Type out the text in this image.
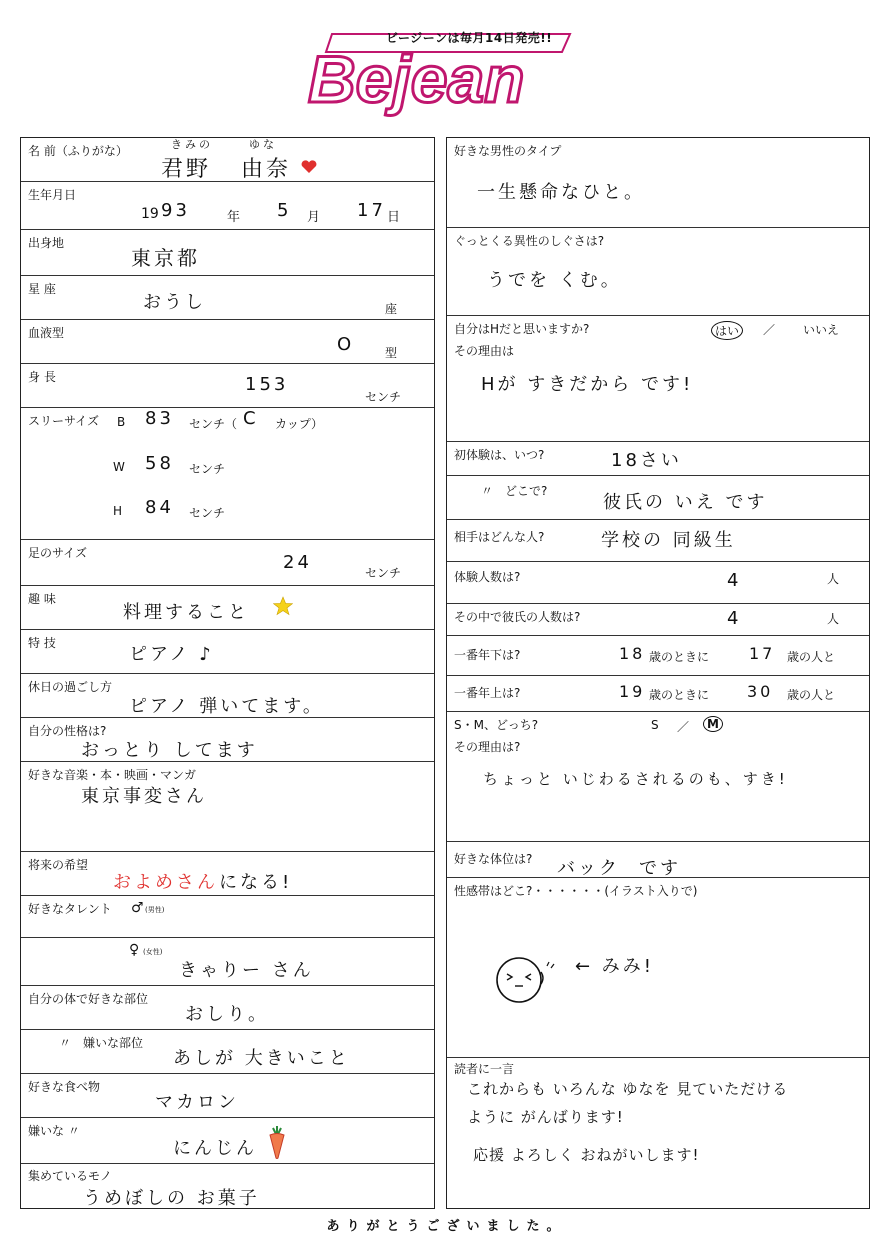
Bejean
ビージーンは毎月14日発売!!
名 前（ふりがな）	きみの	ゆな
君野 由奈
生年月日
19 93	年 5 月 17 日
出身地
東京都
星 座
おうし	座
血液型
O	型
身 長	153
センチ
スリーサイズ B 83 センチ（ C カップ）
W 58 センチ
H 84 センチ
足のサイズ	24	センチ
趣 味
料理すること
特 技
ピアノ ♪
休日の過ごし方
ピアノ 弾いてます。
自分の性格は?
おっとり してます
好きな音楽・本・映画・マンガ
東京事変さん
将来の希望
およめさん になる!
好きなタレント ♂ (男性)
♀ (女性)
きゃりー さん
自分の体で好きな部位
おしり。
〃　嫌いな部位
あしが 大きいこと
好きな食べ物
マカロン
嫌いな 〃
にんじん
集めているモノ
うめぼしの お菓子
好きな男性のタイプ
一生懸命なひと。
ぐっとくる異性のしぐさは?
うでを くむ。
自分はHだと思いますか?	はい	／ いいえ
その理由は
Hが すきだから です!
初体験は、いつ?	18さい
〃　どこで?
彼氏の いえ です
相手はどんな人?	学校の 同級生
体験人数は?	4	人
その中で彼氏の人数は?	4	人
一番年下は?	18 歳のときに 17 歳の人と
一番年上は?	19 歳のときに 30 歳の人と
S・M、どっち?	S ／	M
その理由は?
ちょっと いじわるされるのも、すき!
好きな体位は? バック です
性感帯はどこ?・・・・・・(イラスト入りで)
← みみ!
読者に一言
これからも いろんな ゆなを 見ていただける
ように がんばります!
応援 よろしく おねがいします!
ありがとうございました。
